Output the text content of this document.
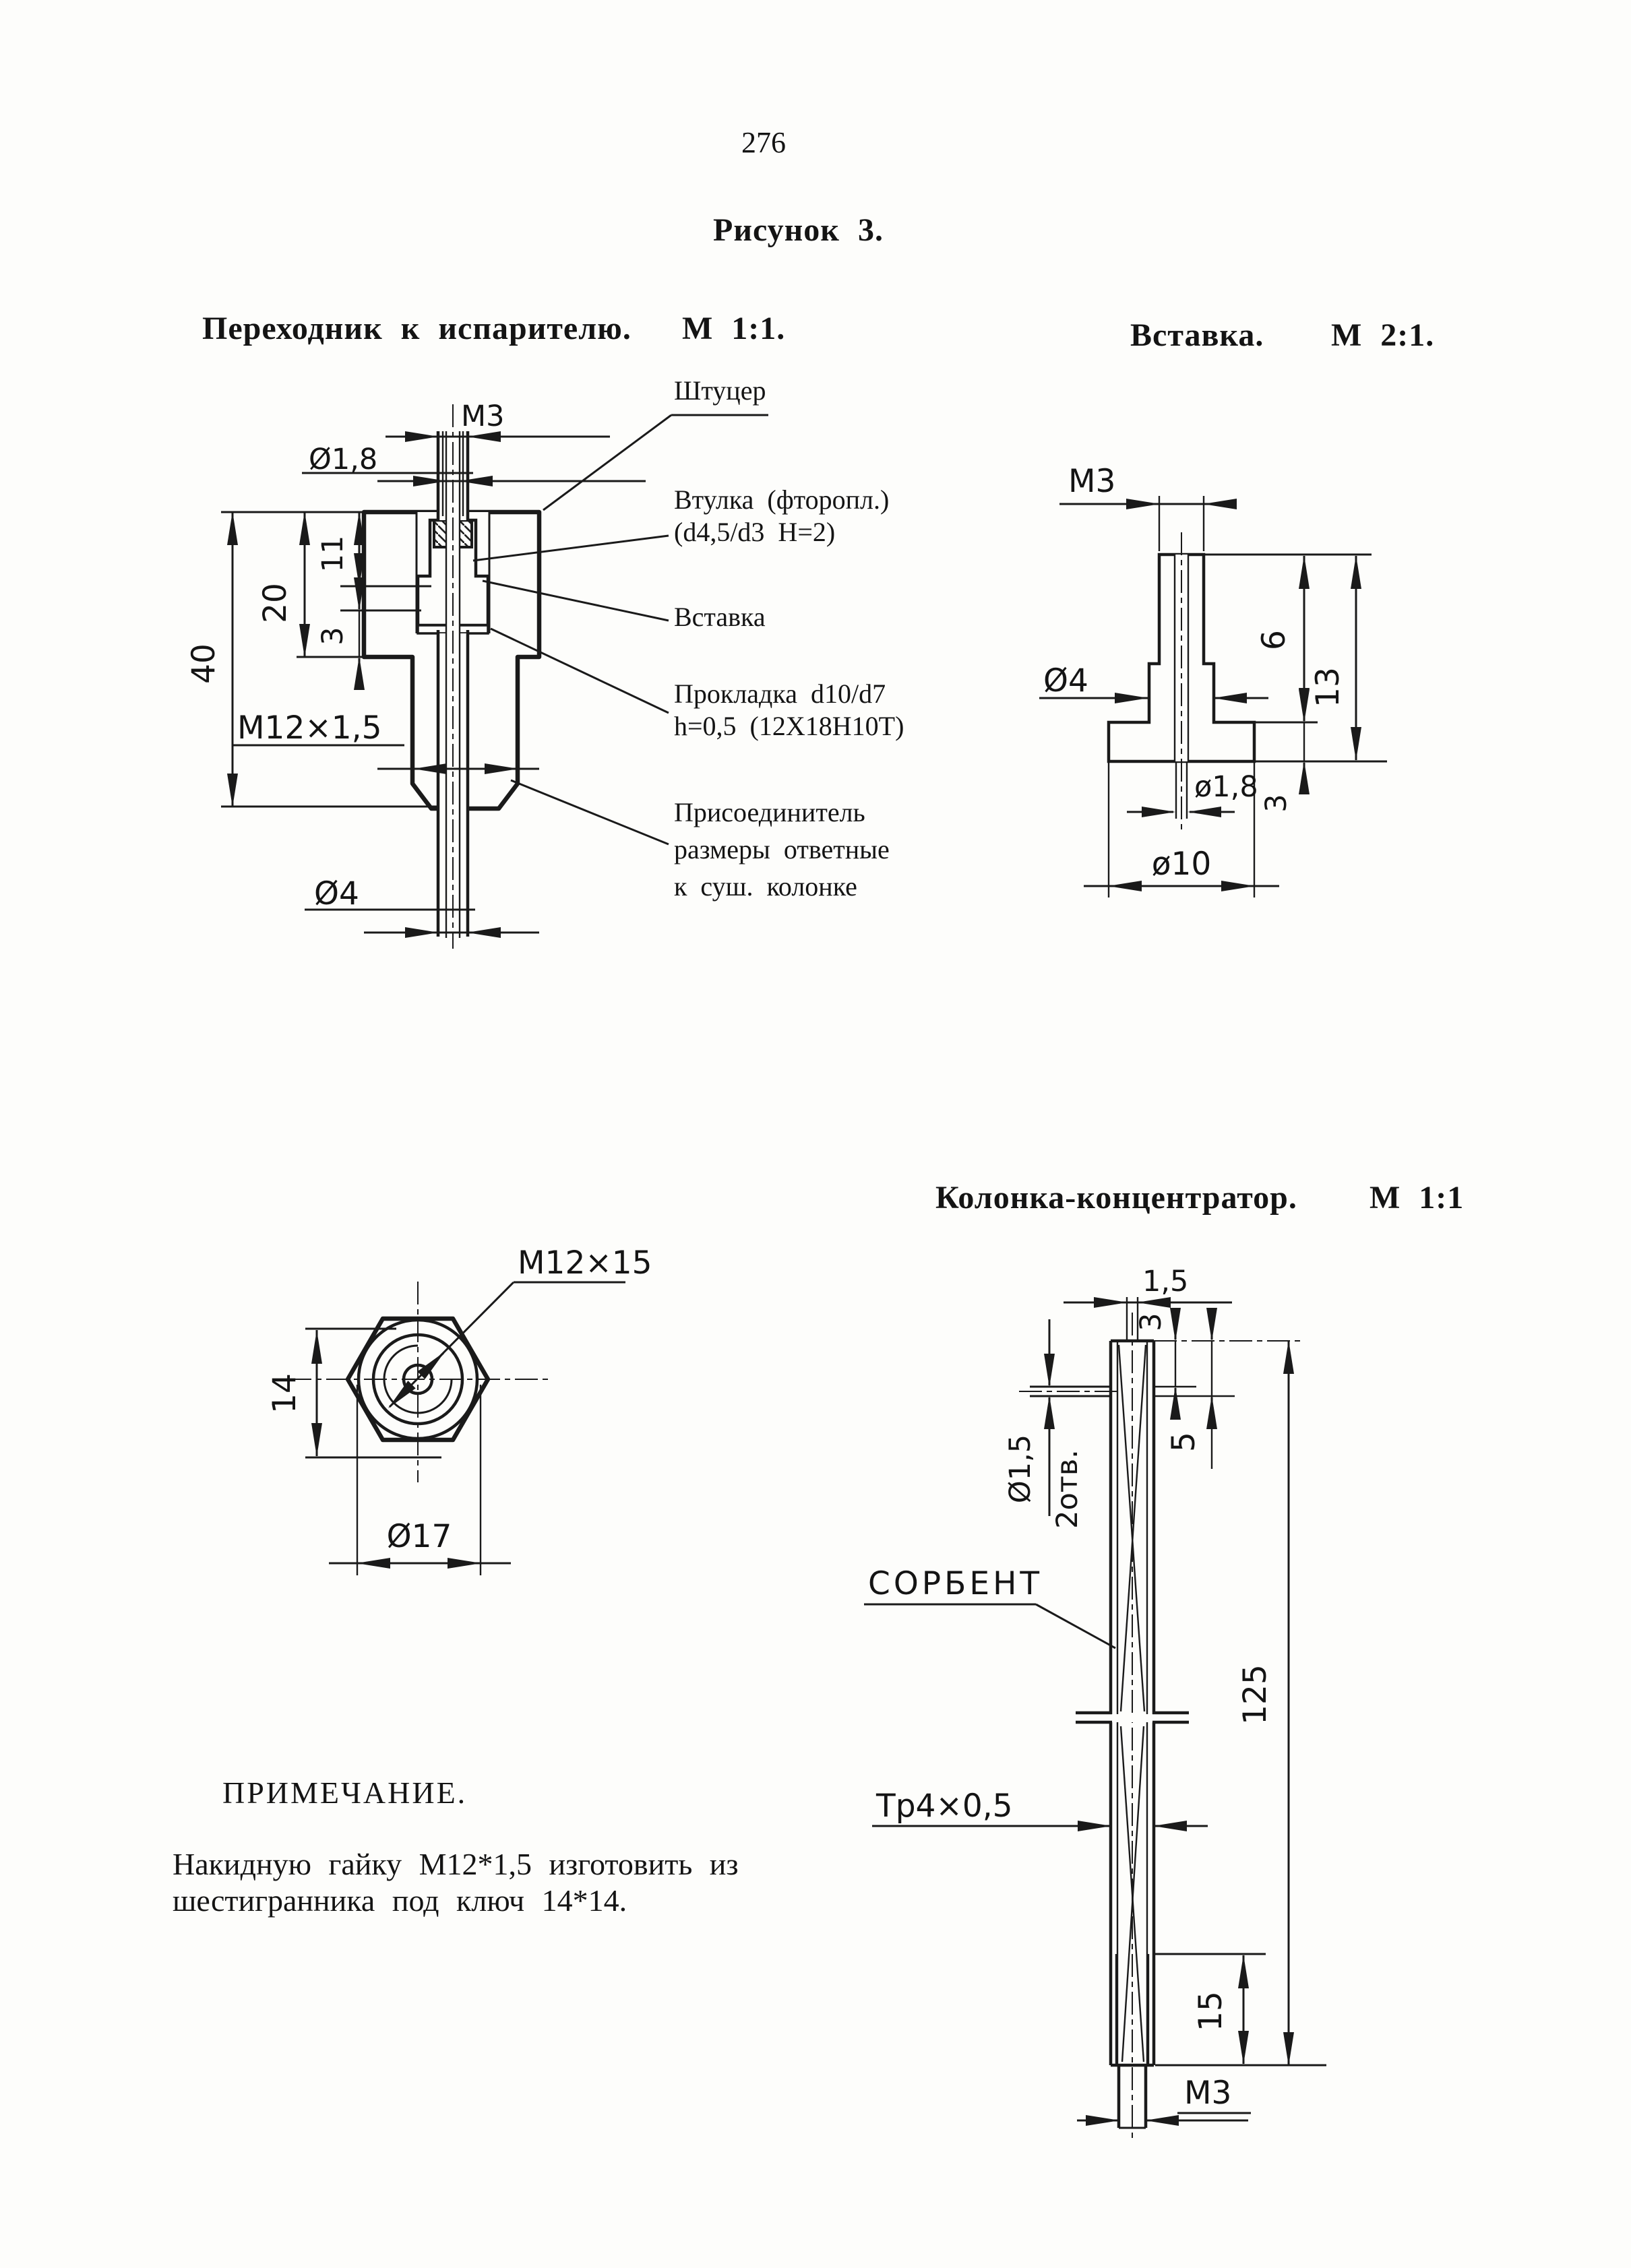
276
Рисунок 3.
Переходник к испарителю. М 1:1.	Вставка. М 2:1.
Колонка-концентратор. М 1:1
Штуцер
Втулка (фторопл.)
(d4,5/d3 Н=2)
Вставка
Прокладка d10/d7
h=0,5 (12Х18Н10Т)
Присоединитель
размеры ответные
к суш. колонке
ПРИМЕЧАНИЕ.
Накидную гайку М12*1,5 изготовить из
шестигранника под ключ 14*14.
М3
Ø1,8
40
20
11
3
М12×1,5
Ø4
М3
6
13
3
Ø4
ø1,8
ø10
М12×15
14
Ø17
1,5
3
5
Ø1,5 2отв.
СОРБЕНТ
125
Тр4×0,5
15
М3
